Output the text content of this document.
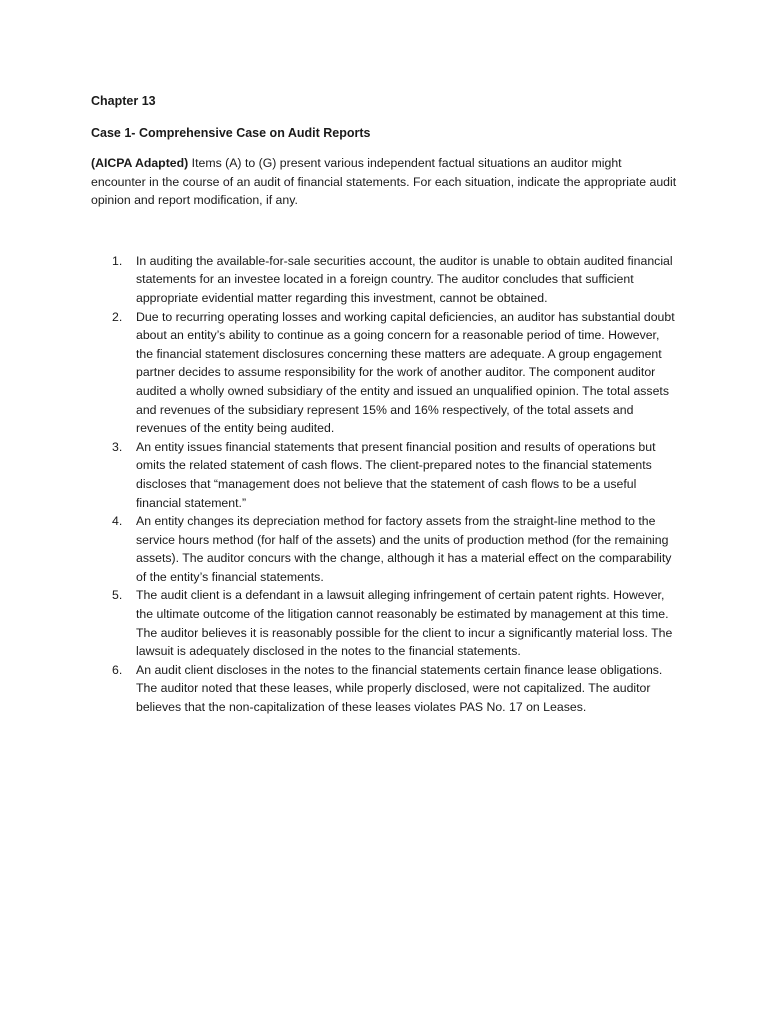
Chapter 13
Case 1- Comprehensive Case on Audit Reports

(AICPA Adapted) Items (A) to (G) present various independent factual situations an auditor might encounter in the course of an audit of financial statements. For each situation, indicate the appropriate audit opinion and report modification, if any.

1. In auditing the available-for-sale securities account, the auditor is unable to obtain audited financial statements for an investee located in a foreign country. The auditor concludes that sufficient appropriate evidential matter regarding this investment, cannot be obtained.
2. Due to recurring operating losses and working capital deficiencies, an auditor has substantial doubt about an entity’s ability to continue as a going concern for a reasonable period of time. However, the financial statement disclosures concerning these matters are adequate. A group engagement partner decides to assume responsibility for the work of another auditor. The component auditor audited a wholly owned subsidiary of the entity and issued an unqualified opinion. The total assets and revenues of the subsidiary represent 15% and 16% respectively, of the total assets and revenues of the entity being audited.
3. An entity issues financial statements that present financial position and results of operations but omits the related statement of cash flows. The client-prepared notes to the financial statements discloses that “management does not believe that the statement of cash flows to be a useful financial statement.”
4. An entity changes its depreciation method for factory assets from the straight-line method to the service hours method (for half of the assets) and the units of production method (for the remaining assets). The auditor concurs with the change, although it has a material effect on the comparability of the entity’s financial statements.
5. The audit client is a defendant in a lawsuit alleging infringement of certain patent rights. However, the ultimate outcome of the litigation cannot reasonably be estimated by management at this time. The auditor believes it is reasonably possible for the client to incur a significantly material loss. The lawsuit is adequately disclosed in the notes to the financial statements.
6. An audit client discloses in the notes to the financial statements certain finance lease obligations. The auditor noted that these leases, while properly disclosed, were not capitalized. The auditor believes that the non-capitalization of these leases violates PAS No. 17 on Leases.
